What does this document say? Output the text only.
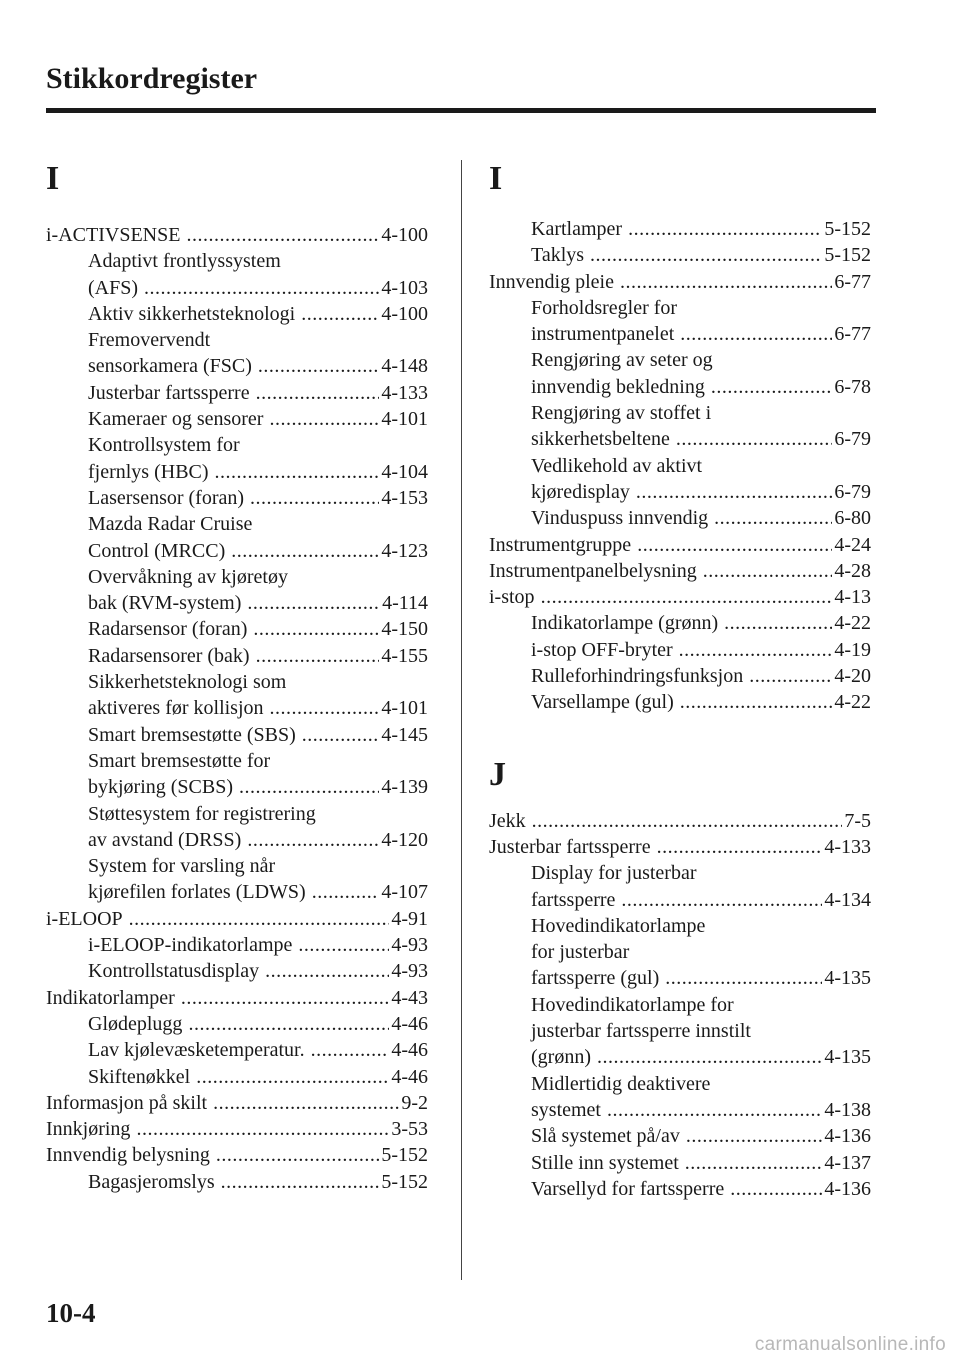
Stikkordregister
I
i-ACTIVSENSE .....	4-100
Adaptivt frontlyssystem
(AFS) .....	4-103
Aktiv sikkerhetsteknologi .....	4-100
Fremovervendt
sensorkamera (FSC) .....	4-148
Justerbar fartssperre .....	4-133
Kameraer og sensorer .....	4-101
Kontrollsystem for
fjernlys (HBC) .....	4-104
Lasersensor (foran) .....	4-153
Mazda Radar Cruise
Control (MRCC) .....	4-123
Overvåkning av kjøretøy
bak (RVM-system) .....	4-114
Radarsensor (foran) .....	4-150
Radarsensorer (bak) .....	4-155
Sikkerhetsteknologi som
aktiveres før kollisjon .....	4-101
Smart bremsestøtte (SBS) .....	4-145
Smart bremsestøtte for
bykjøring (SCBS) .....	4-139
Støttesystem for registrering
av avstand (DRSS) .....	4-120
System for varsling når
kjørefilen forlates (LDWS) .....	4-107
i-ELOOP .....	4-91
i-ELOOP-indikatorlampe .....	4-93
Kontrollstatusdisplay .....	4-93
Indikatorlamper .....	4-43
Glødeplugg .....	4-46
Lav kjølevæsketemperatur. .....	4-46
Skiftenøkkel .....	4-46
Informasjon på skilt .....	9-2
Innkjøring .....	3-53
Innvendig belysning .....	5-152
Bagasjeromslys .....	5-152
Kartlamper .....	5-152
Taklys .....	5-152
Innvendig pleie .....	6-77
Forholdsregler for
instrumentpanelet .....	6-77
Rengjøring av seter og
innvendig bekledning .....	6-78
Rengjøring av stoffet i
sikkerhetsbeltene .....	6-79
Vedlikehold av aktivt
kjøredisplay .....	6-79
Vinduspuss innvendig .....	6-80
Instrumentgruppe .....	4-24
Instrumentpanelbelysning .....	4-28
i-stop .....	4-13
Indikatorlampe (grønn) .....	4-22
i-stop OFF-bryter .....	4-19
Rulleforhindringsfunksjon .....	4-20
Varsellampe (gul) .....	4-22
J
Jekk .....	7-5
Justerbar fartssperre .....	4-133
Display for justerbar
fartssperre .....	4-134
Hovedindikatorlampe
for justerbar
fartssperre (gul) .....	4-135
Hovedindikatorlampe for
justerbar fartssperre innstilt
(grønn) .....	4-135
Midlertidig deaktivere
systemet .....	4-138
Slå systemet på/av .....	4-136
Stille inn systemet .....	4-137
Varsellyd for fartssperre .....	4-136
I

10-4

carmanualsonline.info
